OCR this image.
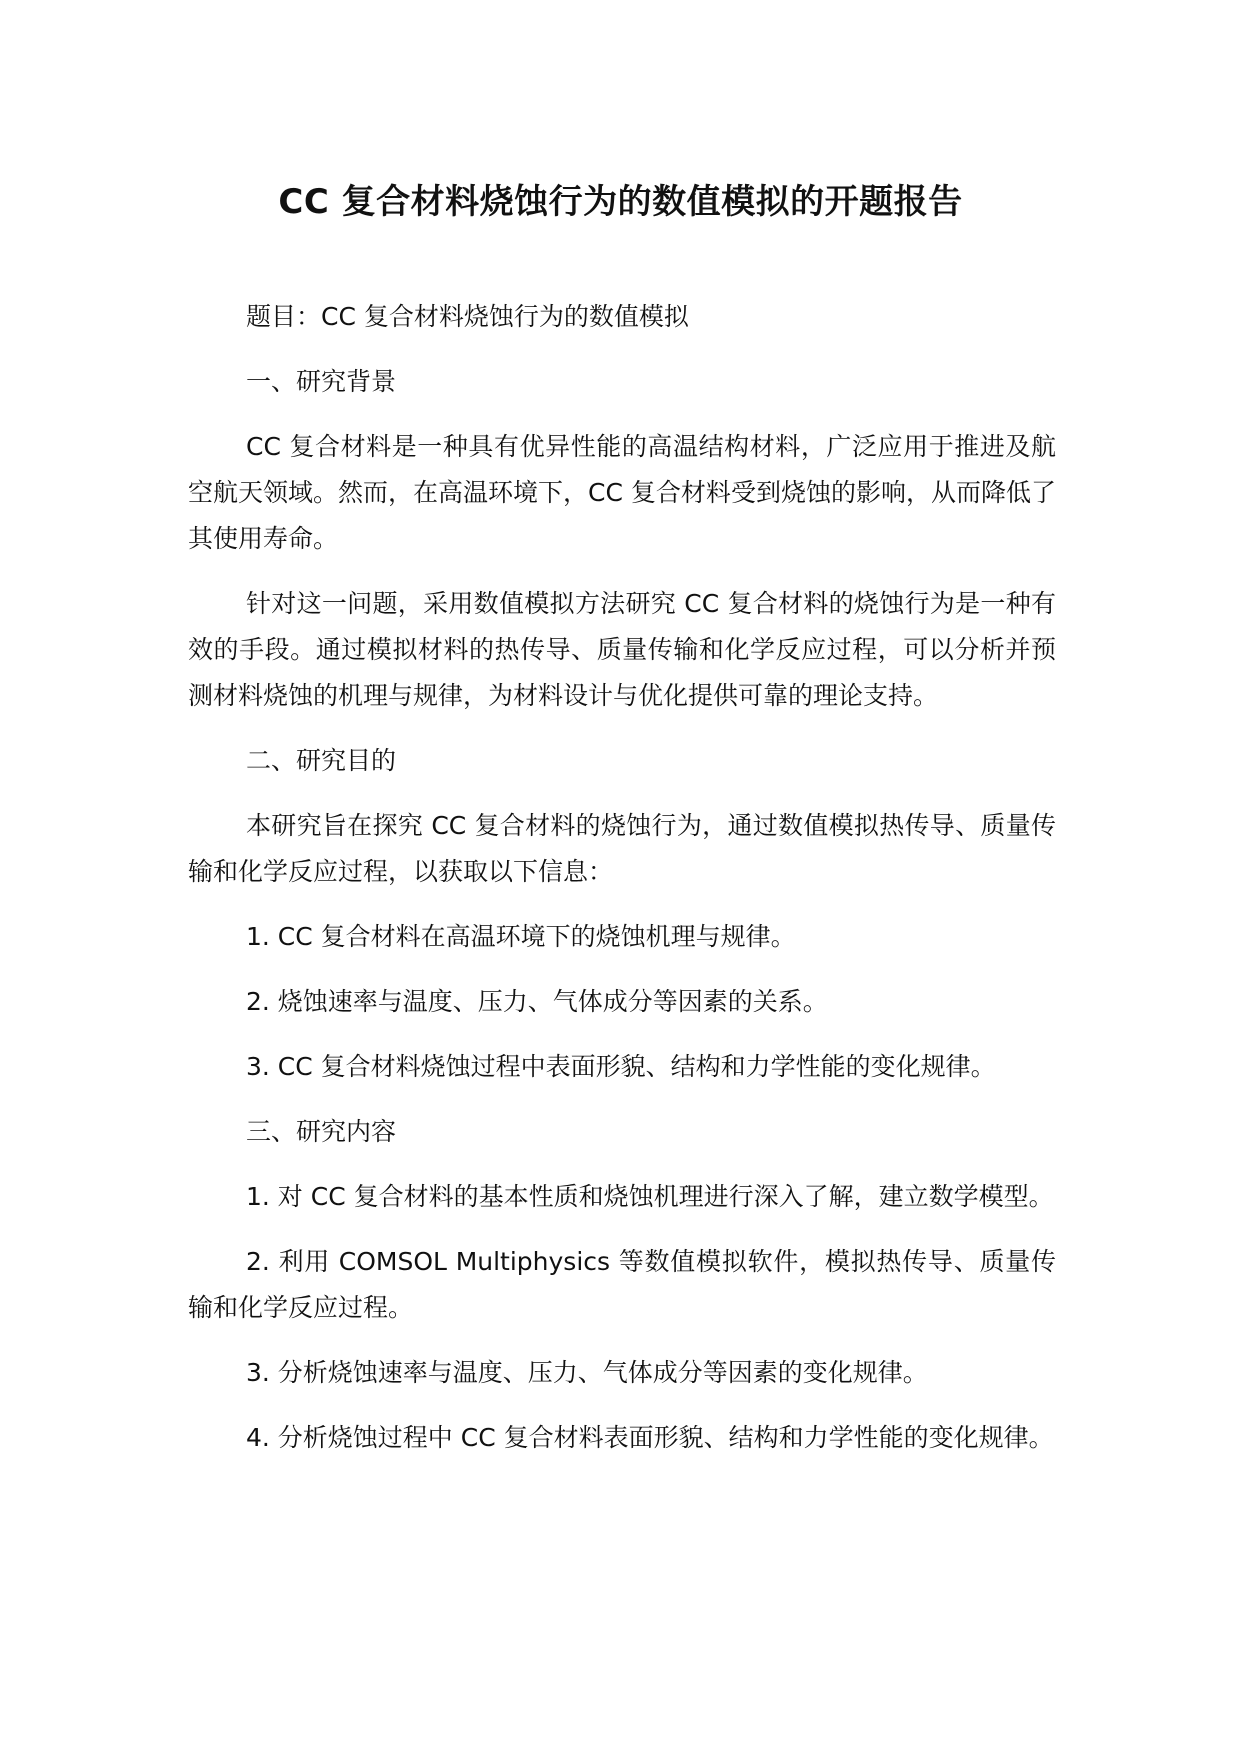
CC 复合材料烧蚀行为的数值模拟的开题报告

题目：CC 复合材料烧蚀行为的数值模拟

一、研究背景

CC 复合材料是一种具有优异性能的高温结构材料，广泛应用于推进及航空航天领域。然而，在高温环境下，CC 复合材料受到烧蚀的影响，从而降低了其使用寿命。

针对这一问题，采用数值模拟方法研究 CC 复合材料的烧蚀行为是一种有效的手段。通过模拟材料的热传导、质量传输和化学反应过程，可以分析并预测材料烧蚀的机理与规律，为材料设计与优化提供可靠的理论支持。

二、研究目的

本研究旨在探究 CC 复合材料的烧蚀行为，通过数值模拟热传导、质量传输和化学反应过程，以获取以下信息：

1. CC 复合材料在高温环境下的烧蚀机理与规律。

2. 烧蚀速率与温度、压力、气体成分等因素的关系。

3. CC 复合材料烧蚀过程中表面形貌、结构和力学性能的变化规律。

三、研究内容

1. 对 CC 复合材料的基本性质和烧蚀机理进行深入了解，建立数学模型。

2. 利用 COMSOL Multiphysics 等数值模拟软件，模拟热传导、质量传输和化学反应过程。

3. 分析烧蚀速率与温度、压力、气体成分等因素的变化规律。

4. 分析烧蚀过程中 CC 复合材料表面形貌、结构和力学性能的变化规律。
